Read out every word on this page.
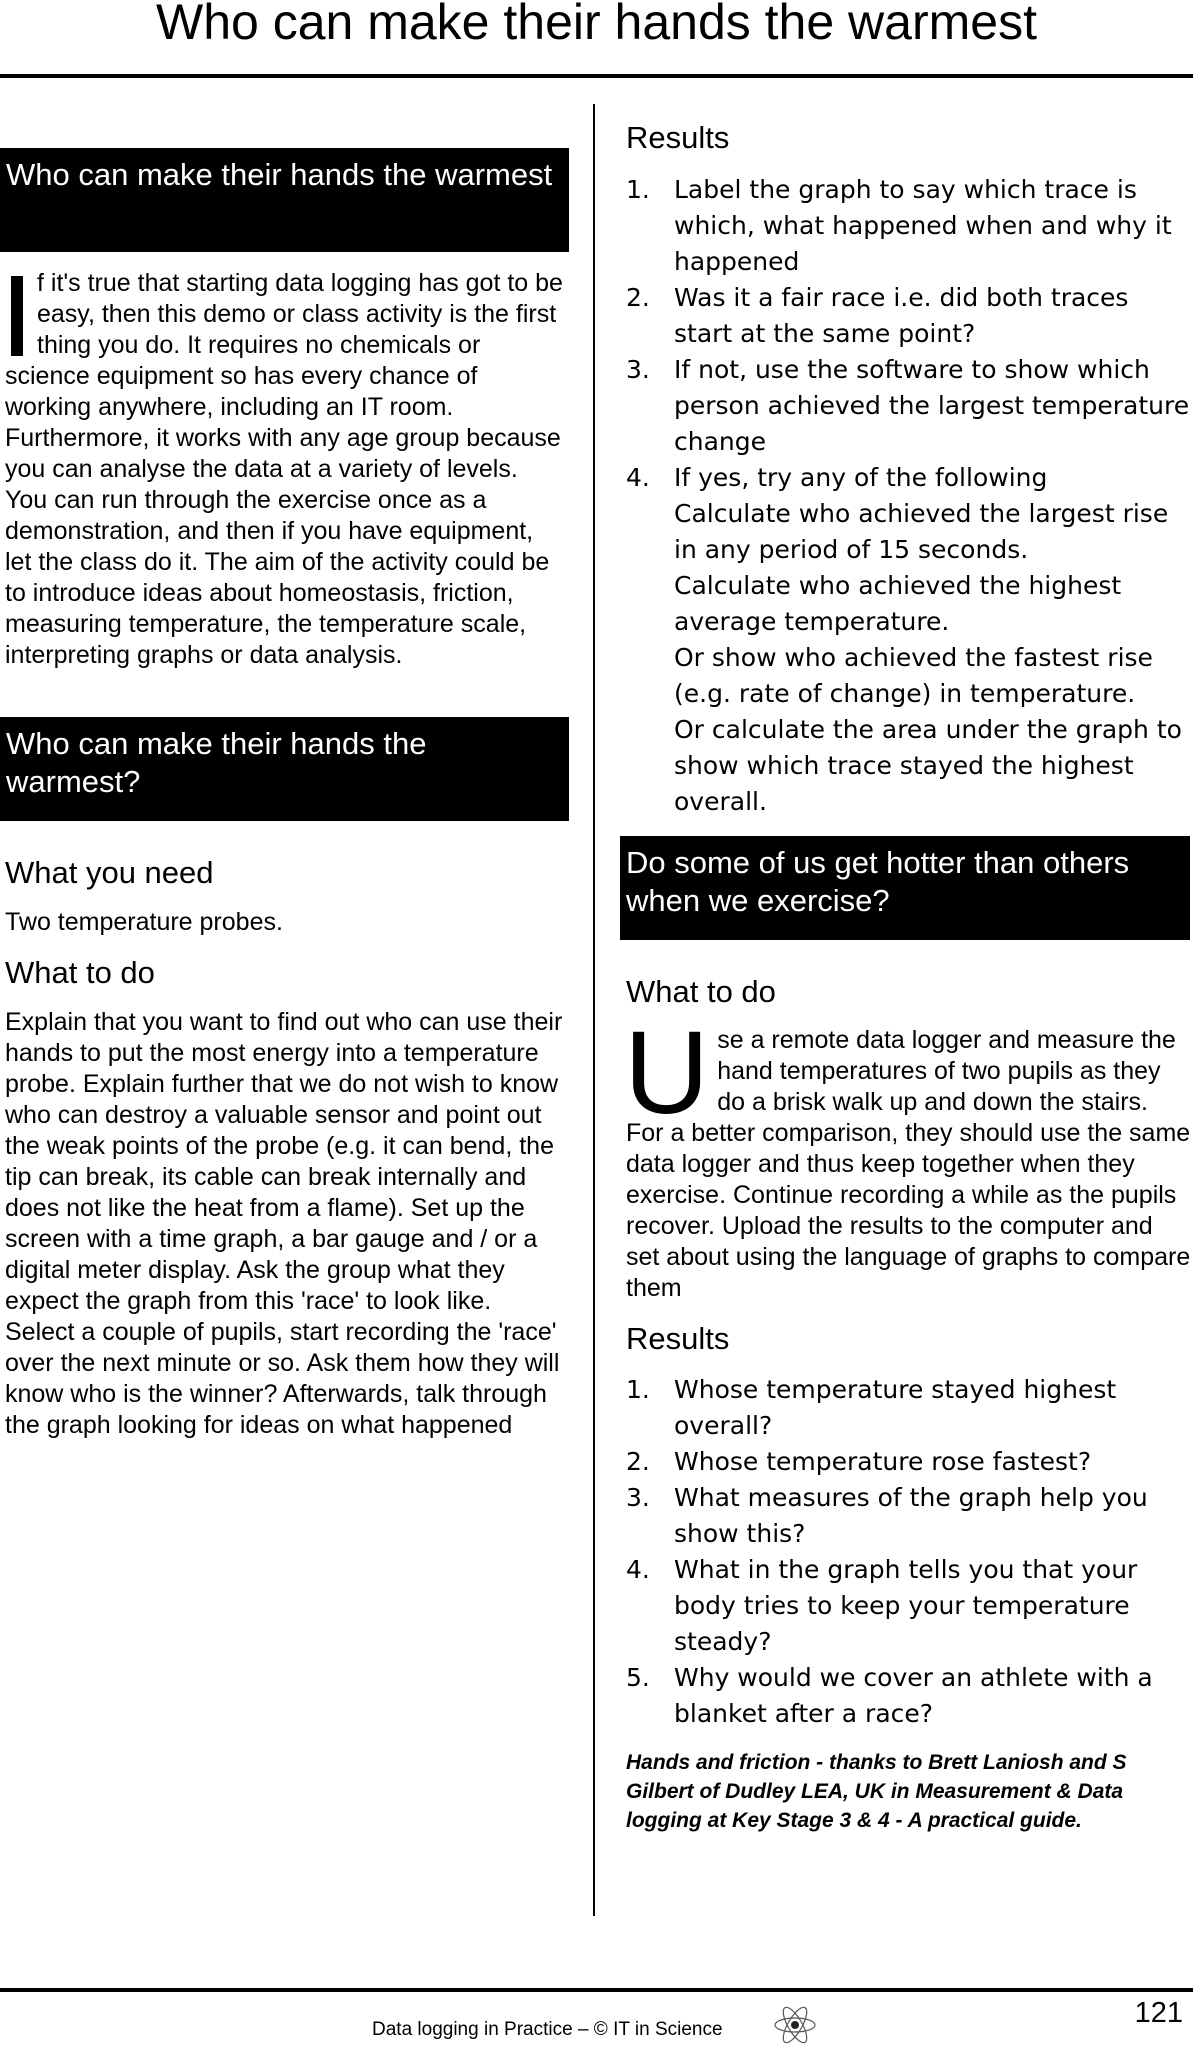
Who can make their hands the warmest
Who can make their hands the warmest
f it's true that starting data logging has got to be easy, then this demo or class activity is the first thing you do. It requires no chemicals or science equipment so has every chance of working anywhere, including an IT room. Furthermore, it works with any age group because you can analyse the data at a variety of levels. You can run through the exercise once as a demonstration, and then if you have equipment, let the class do it. The aim of the activity could be to introduce ideas about homeostasis, friction, measuring temperature, the temperature scale, interpreting graphs or data analysis.
Who can make their hands the warmest?
What you need
Two temperature probes.
What to do
Explain that you want to find out who can use their hands to put the most energy into a temperature probe. Explain further that we do not wish to know who can destroy a valuable sensor and point out the weak points of the probe (e.g. it can bend, the tip can break, its cable can break internally and does not like the heat from a flame). Set up the screen with a time graph, a bar gauge and / or a digital meter display. Ask the group what they expect the graph from this 'race' to look like.
Select a couple of pupils, start recording the 'race' over the next minute or so. Ask them how they will know who is the winner? Afterwards, talk through the graph looking for ideas on what happened
Results
1. Label the graph to say which trace is which, what happened when and why it happened
2. Was it a fair race i.e. did both traces start at the same point?
3. If not, use the software to show which person achieved the largest temperature change
4. If yes, try any of the following
Calculate who achieved the largest rise in any period of 15 seconds.
Calculate who achieved the highest average temperature.
Or show who achieved the fastest rise (e.g. rate of change) in temperature.
Or calculate the area under the graph to show which trace stayed the highest overall.
Do some of us get hotter than others when we exercise?
What to do
Use a remote data logger and measure the hand temperatures of two pupils as they do a brisk walk up and down the stairs. For a better comparison, they should use the same data logger and thus keep together when they exercise. Continue recording a while as the pupils recover. Upload the results to the computer and set about using the language of graphs to compare them
Results
1. Whose temperature stayed highest overall?
2. Whose temperature rose fastest?
3. What measures of the graph help you show this?
4. What in the graph tells you that your body tries to keep your temperature steady?
5. Why would we cover an athlete with a blanket after a race?
Hands and friction - thanks to Brett Laniosh and S Gilbert of Dudley LEA, UK in Measurement & Data logging at Key Stage 3 & 4 - A practical guide.
Data logging in Practice – © IT in Science
121
